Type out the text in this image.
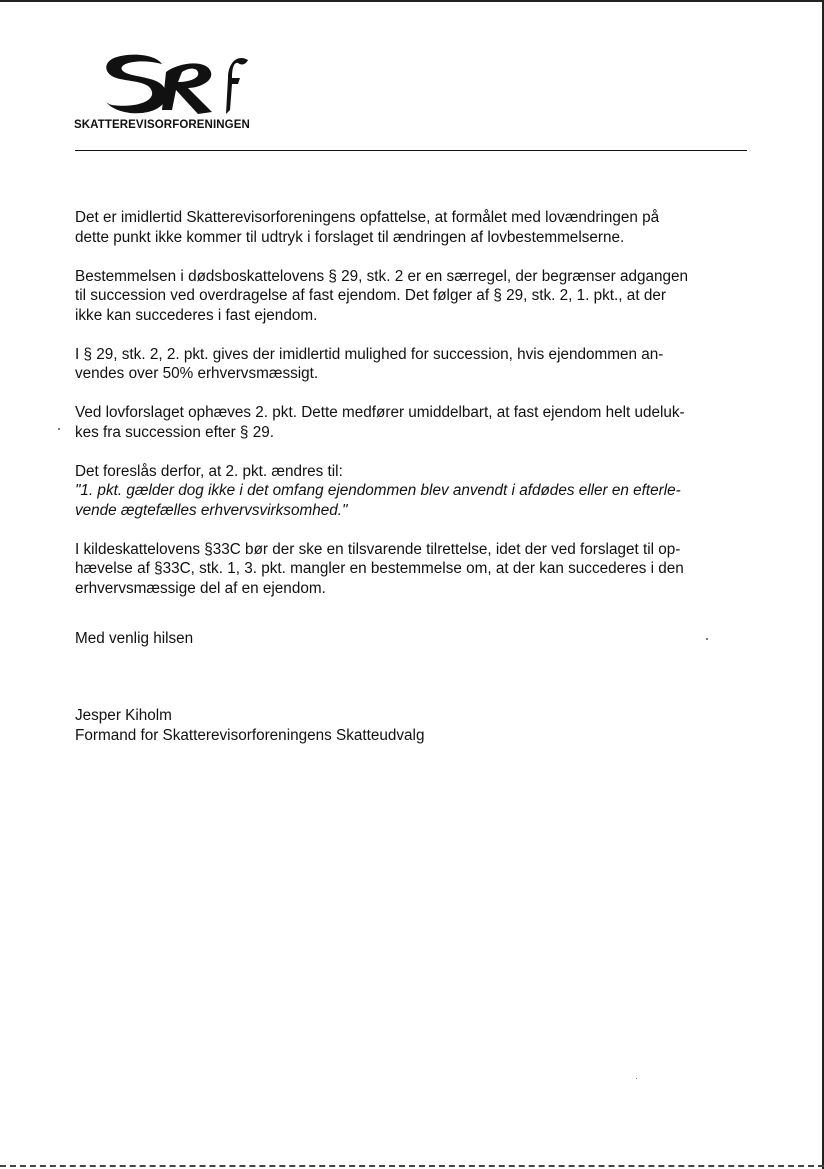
SKATTEREVISORFORENINGEN

Det er imidlertid Skatterevisorforeningens opfattelse, at formålet med lovændringen på
dette punkt ikke kommer til udtryk i forslaget til ændringen af lovbestemmelserne.

Bestemmelsen i dødsboskattelovens § 29, stk. 2 er en særregel, der begrænser adgangen
til succession ved overdragelse af fast ejendom. Det følger af § 29, stk. 2, 1. pkt., at der
ikke kan succederes i fast ejendom.

I § 29, stk. 2, 2. pkt. gives der imidlertid mulighed for succession, hvis ejendommen an-
vendes over 50% erhvervsmæssigt.

Ved lovforslaget ophæves 2. pkt. Dette medfører umiddelbart, at fast ejendom helt udeluk-
kes fra succession efter § 29.

Det foreslås derfor, at 2. pkt. ændres til:
"1. pkt. gælder dog ikke i det omfang ejendommen blev anvendt i afdødes eller en efterle-
vende ægtefælles erhvervsvirksomhed."

I kildeskattelovens §33C bør der ske en tilsvarende tilrettelse, idet der ved forslaget til op-
hævelse af §33C, stk. 1, 3. pkt. mangler en bestemmelse om, at der kan succederes i den
erhvervsmæssige del af en ejendom.

Med venlig hilsen
Jesper Kiholm
Formand for Skatterevisorforeningens Skatteudvalg
